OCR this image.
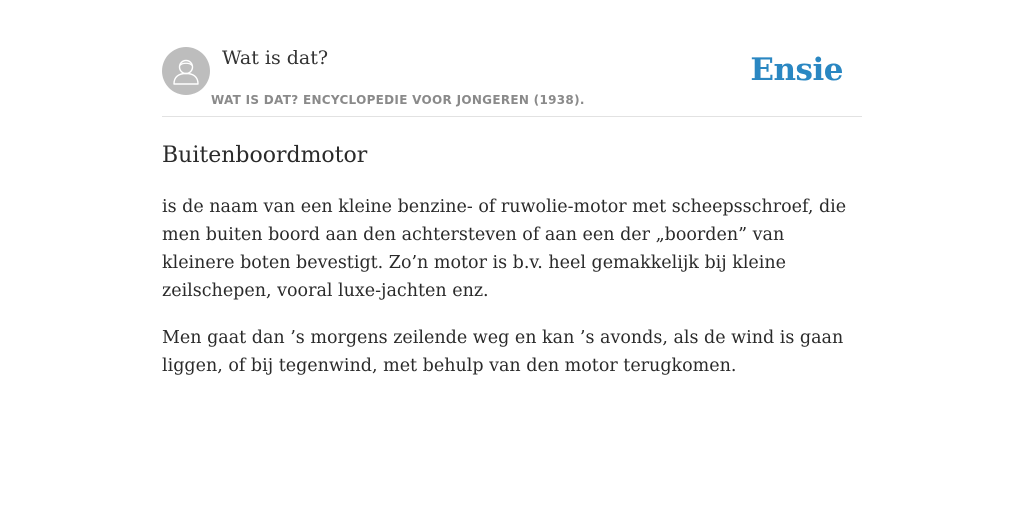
Wat is dat?
WAT IS DAT? ENCYCLOPEDIE VOOR JONGEREN (1938).
Ensie
Buitenboordmotor

is de naam van een kleine benzine- of ruwolie-motor met scheepsschroef, die men buiten boord aan den achtersteven of aan een der „boorden” van kleinere boten bevestigt. Zo’n motor is b.v. heel gemakkelijk bij kleine zeilschepen, vooral luxe-jachten enz.

Men gaat dan ’s morgens zeilende weg en kan ’s avonds, als de wind is gaan liggen, of bij tegenwind, met behulp van den motor terugkomen.
